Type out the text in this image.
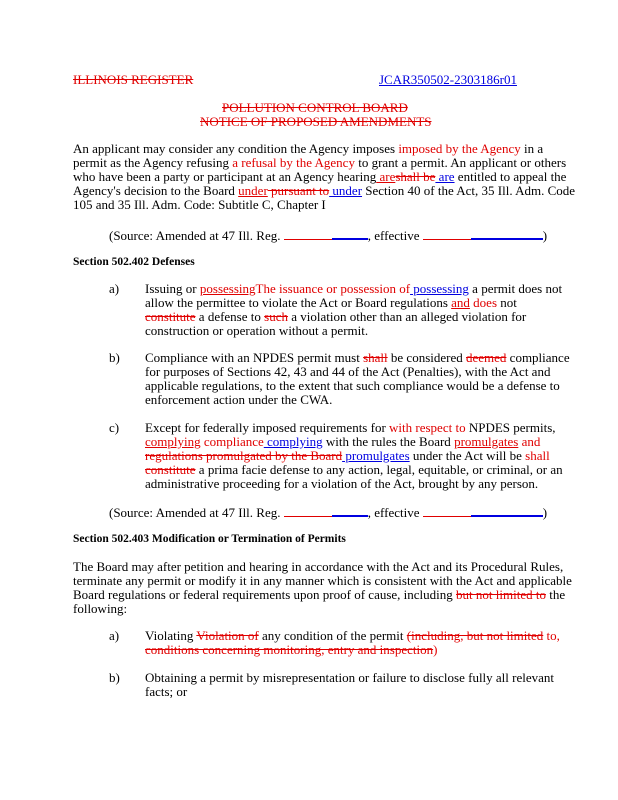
ILLINOIS REGISTER	JCAR350502-2303186r01
POLLUTION CONTROL BOARD
NOTICE OF PROPOSED AMENDMENTS
An applicant may consider any condition the Agency imposes imposed by the Agency in a
permit as the Agency refusing a refusal by the Agency to grant a permit. An applicant or others
who have been a party or participant at an Agency hearing areshall be are entitled to appeal the
Agency's decision to the Board under pursuant to under Section 40 of the Act, 35 Ill. Adm. Code
105 and 35 Ill. Adm. Code: Subtitle C, Chapter I
(Source: Amended at 47 Ill. Reg.	, effective	)
Section 502.402 Defenses
a) Issuing or possessingThe issuance or possession of possessing a permit does not
allow the permittee to violate the Act or Board regulations and does not
constitute a defense to such a violation other than an alleged violation for
construction or operation without a permit.
b) Compliance with an NPDES permit must shall be considered deemed compliance
for purposes of Sections 42, 43 and 44 of the Act (Penalties), with the Act and
applicable regulations, to the extent that such compliance would be a defense to
enforcement action under the CWA.
c) Except for federally imposed requirements for with respect to NPDES permits,
complying compliance complying with the rules the Board promulgates and
regulations promulgated by the Board promulgates under the Act will be shall
constitute a prima facie defense to any action, legal, equitable, or criminal, or an
administrative proceeding for a violation of the Act, brought by any person.
(Source: Amended at 47 Ill. Reg.	, effective	)
Section 502.403 Modification or Termination of Permits
The Board may after petition and hearing in accordance with the Act and its Procedural Rules,
terminate any permit or modify it in any manner which is consistent with the Act and applicable
Board regulations or federal requirements upon proof of cause, including but not limited to the
following:
a) Violating Violation of any condition of the permit (including, but not limited to,
conditions concerning monitoring, entry and inspection)
b) Obtaining a permit by misrepresentation or failure to disclose fully all relevant
facts; or
